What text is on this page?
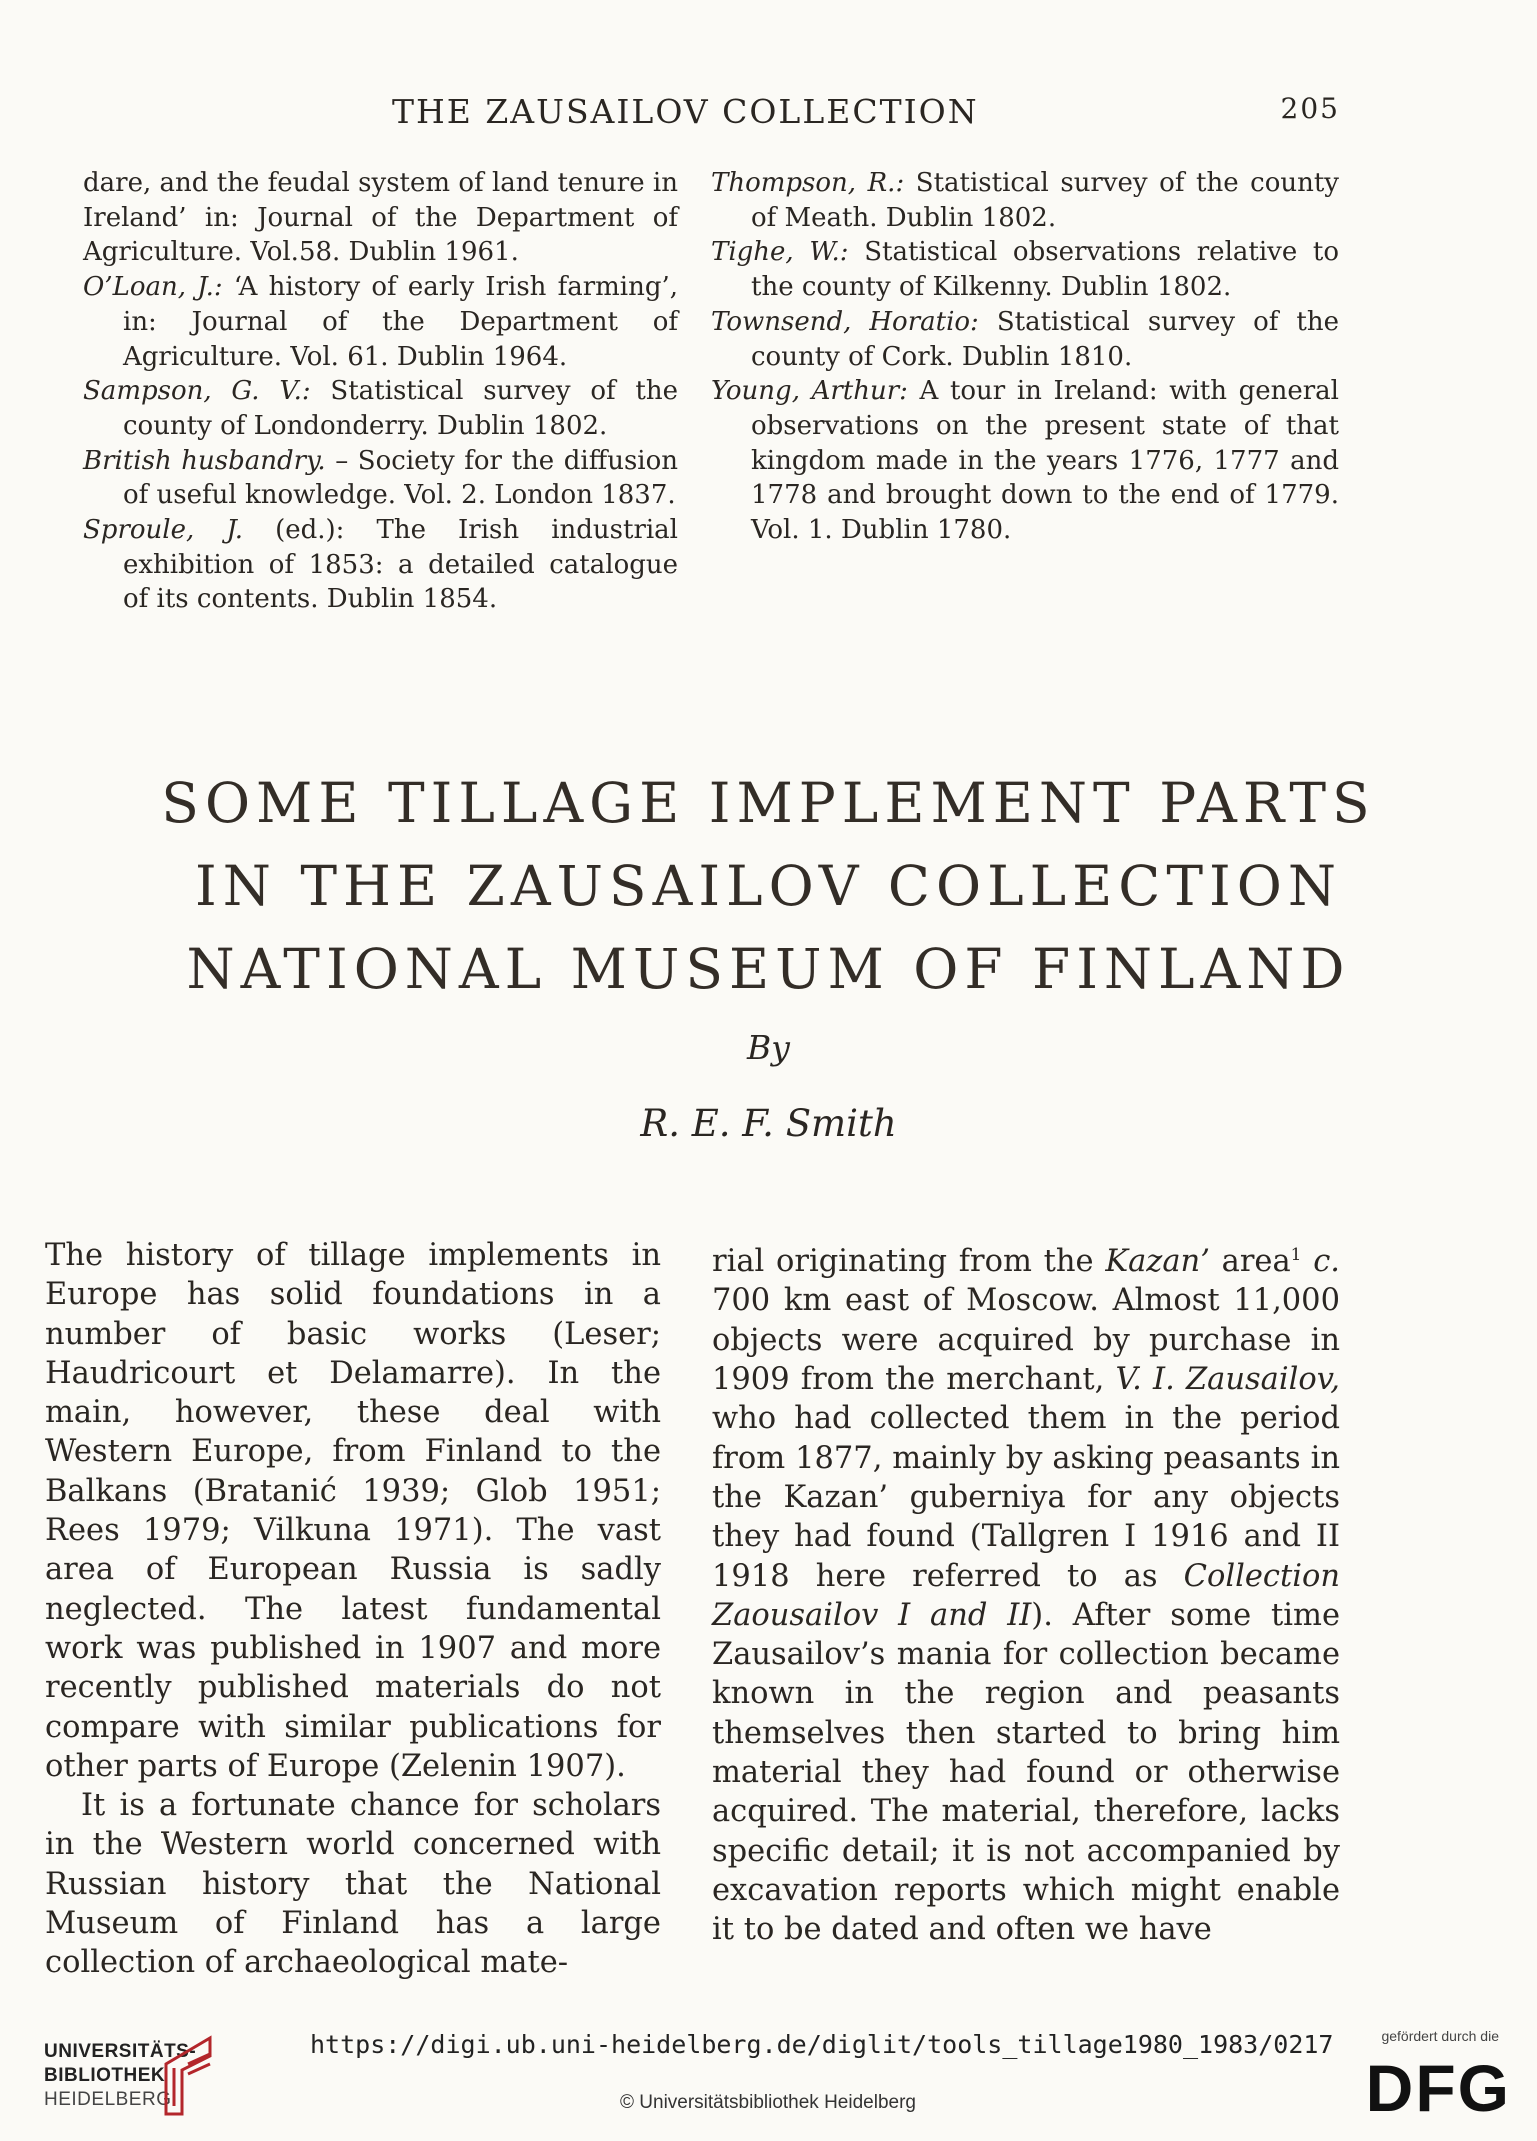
THE ZAUSAILOV COLLECTION	205

dare, and the feudal system of land tenure in Ireland’ in: Journal of the Department of Agriculture. Vol.58. Dublin 1961.

O’Loan, J.: ‘A history of early Irish farming’, in: Journal of the Department of Agriculture. Vol. 61. Dublin 1964.

Sampson, G. V.: Statistical survey of the county of Londonderry. Dublin 1802.

British husbandry. – Society for the diffusion of useful knowledge. Vol. 2. London 1837.

Sproule, J. (ed.): The Irish industrial exhibition of 1853: a detailed catalogue of its contents. Dublin 1854.

Thompson, R.: Statistical survey of the county of Meath. Dublin 1802.

Tighe, W.: Statistical observations relative to the county of Kilkenny. Dublin 1802.

Townsend, Horatio: Statistical survey of the county of Cork. Dublin 1810.

Young, Arthur: A tour in Ireland: with general observations on the present state of that kingdom made in the years 1776, 1777 and 1778 and brought down to the end of 1779. Vol. 1. Dublin 1780.

SOME TILLAGE IMPLEMENT PARTS
IN THE ZAUSAILOV COLLECTION
NATIONAL MUSEUM OF FINLAND
By
R. E. F. Smith

The history of tillage implements in Europe has solid foundations in a number of basic works (Leser; Haudricourt et Delamarre). In the main, however, these deal with Western Europe, from Finland to the Balkans (Bratanić 1939; Glob 1951; Rees 1979; Vilkuna 1971). The vast area of European Russia is sadly neglected. The latest fundamental work was published in 1907 and more recently published materials do not compare with similar publications for other parts of Europe (Zelenin 1907).

It is a fortunate chance for scholars in the Western world concerned with Russian history that the National Museum of Finland has a large collection of archaeological mate-

rial originating from the Kazan’ area$^1$ c. 700 km east of Moscow. Almost 11,000 objects were acquired by purchase in 1909 from the merchant, V. I. Zausailov, who had collected them in the period from 1877, mainly by asking peasants in the Kazan’ guberniya for any objects they had found (Tallgren I 1916 and II 1918 here referred to as Collection Zaousailov I and II). After some time Zausailov’s mania for collection became known in the region and peasants themselves then started to bring him material they had found or otherwise acquired. The material, therefore, lacks specific detail; it is not accompanied by excavation reports which might enable it to be dated and often we have

UNIVERSITÄTS-
BIBLIOTHEK
HEIDELBERG
https://digi.ub.uni-heidelberg.de/diglit/tools_tillage1980_1983/0217
© Universitätsbibliothek Heidelberg
gefördert durch die
DFG
